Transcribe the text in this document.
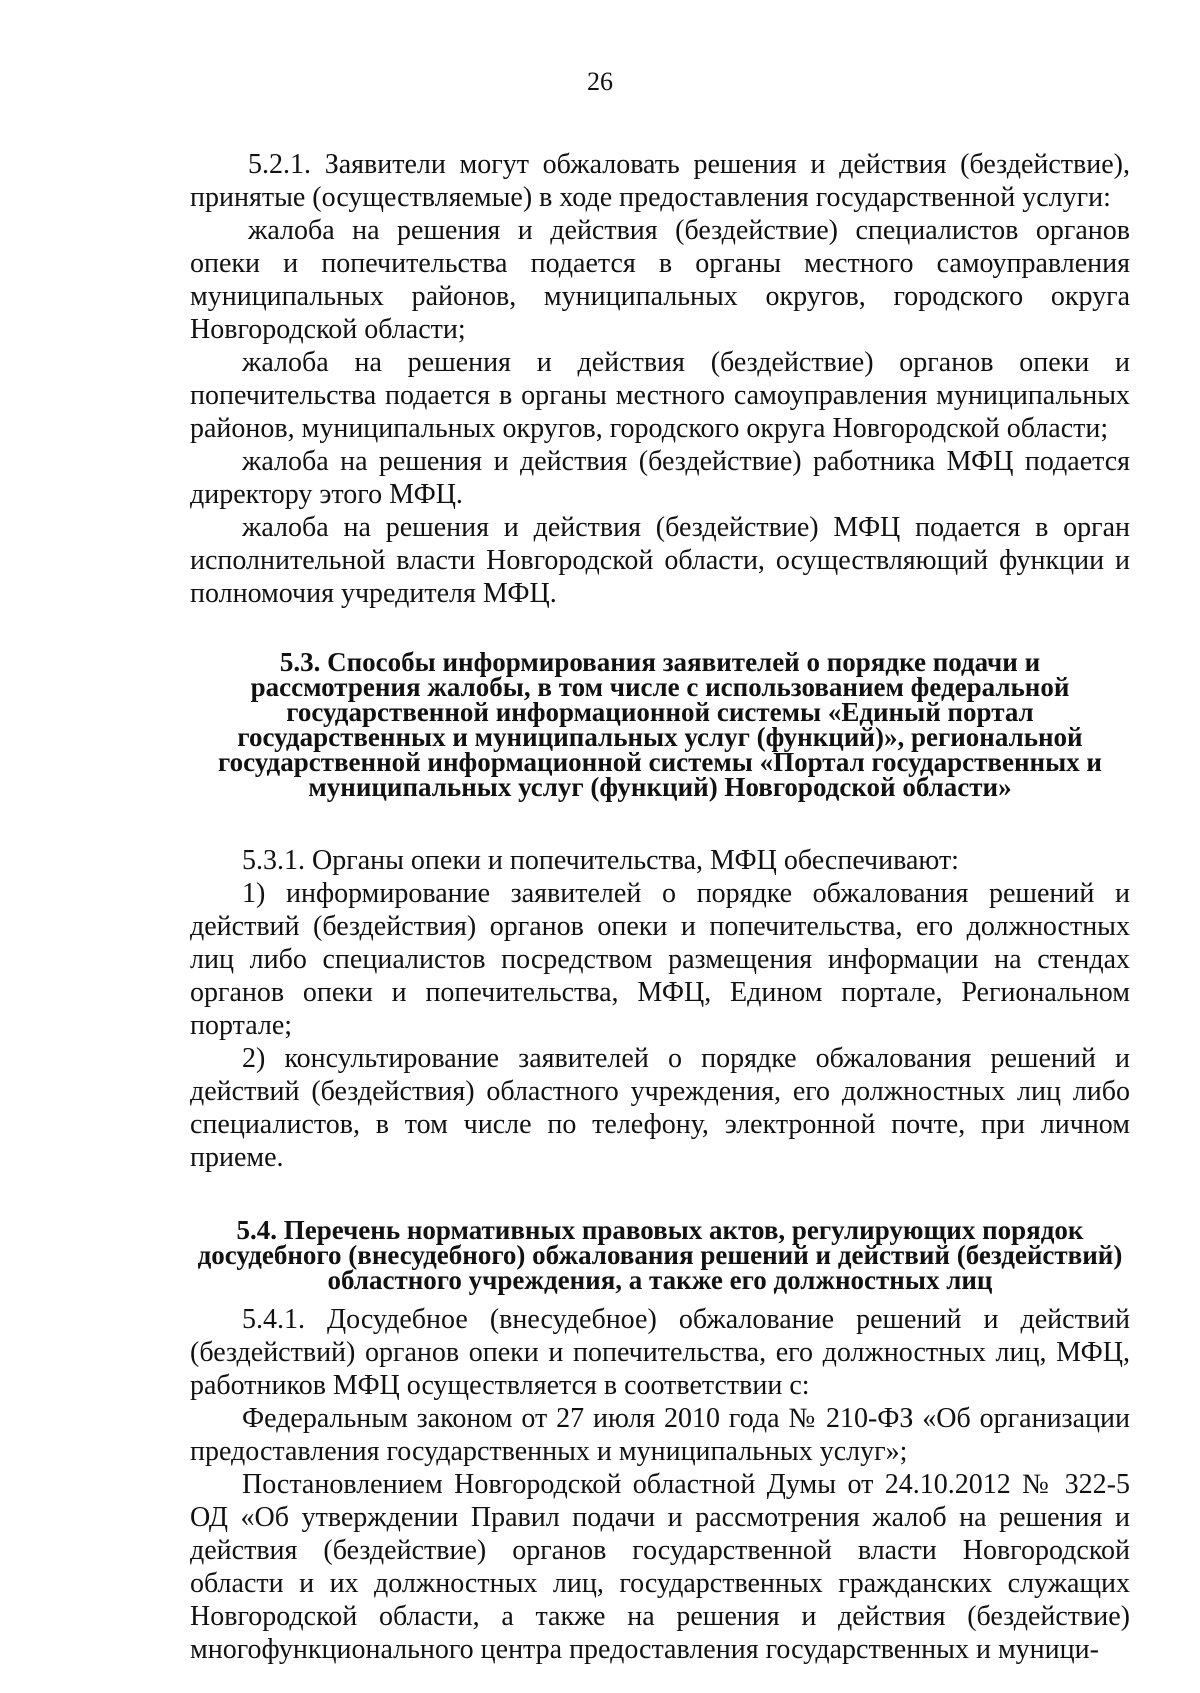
26

5.2.1. Заявители могут обжаловать решения и действия (бездействие), принятые (осуществляемые) в ходе предоставления государственной услуги:

жалоба на решения и действия (бездействие) специалистов органов опеки и попечительства подается в органы местного самоуправления муниципальных районов, муниципальных округов, городского округа Новгородской области;

жалоба на решения и действия (бездействие) органов опеки и попечительства подается в органы местного самоуправления муниципальных районов, муниципальных округов, городского округа Новгородской области;

жалоба на решения и действия (бездействие) работника МФЦ подается директору этого МФЦ.

жалоба на решения и действия (бездействие) МФЦ подается в орган исполнительной власти Новгородской области, осуществляющий функции и полномочия учредителя МФЦ.

5.3. Способы информирования заявителей о порядке подачи и рассмотрения жалобы, в том числе с использованием федеральной государственной информационной системы «Единый портал государственных и муниципальных услуг (функций)», региональной государственной информационной системы «Портал государственных и муниципальных услуг (функций) Новгородской области»

5.3.1. Органы опеки и попечительства, МФЦ обеспечивают:

1) информирование заявителей о порядке обжалования решений и действий (бездействия) органов опеки и попечительства, его должностных лиц либо специалистов посредством размещения информации на стендах органов опеки и попечительства, МФЦ, Едином портале, Региональном портале;

2) консультирование заявителей о порядке обжалования решений и действий (бездействия) областного учреждения, его должностных лиц либо специалистов, в том числе по телефону, электронной почте, при личном приеме.

5.4. Перечень нормативных правовых актов, регулирующих порядок досудебного (внесудебного) обжалования решений и действий (бездействий) областного учреждения, а также его должностных лиц

5.4.1. Досудебное (внесудебное) обжалование решений и действий (бездействий) органов опеки и попечительства, его должностных лиц, МФЦ, работников МФЦ осуществляется в соответствии с:

Федеральным законом от 27 июля 2010 года № 210-ФЗ «Об организации предоставления государственных и муниципальных услуг»;

Постановлением Новгородской областной Думы от 24.10.2012 № 322-5 ОД «Об утверждении Правил подачи и рассмотрения жалоб на решения и действия (бездействие) органов государственной власти Новгородской области и их должностных лиц, государственных гражданских служащих Новгородской области, а также на решения и действия (бездействие) многофункционального центра предоставления государственных и муници-
